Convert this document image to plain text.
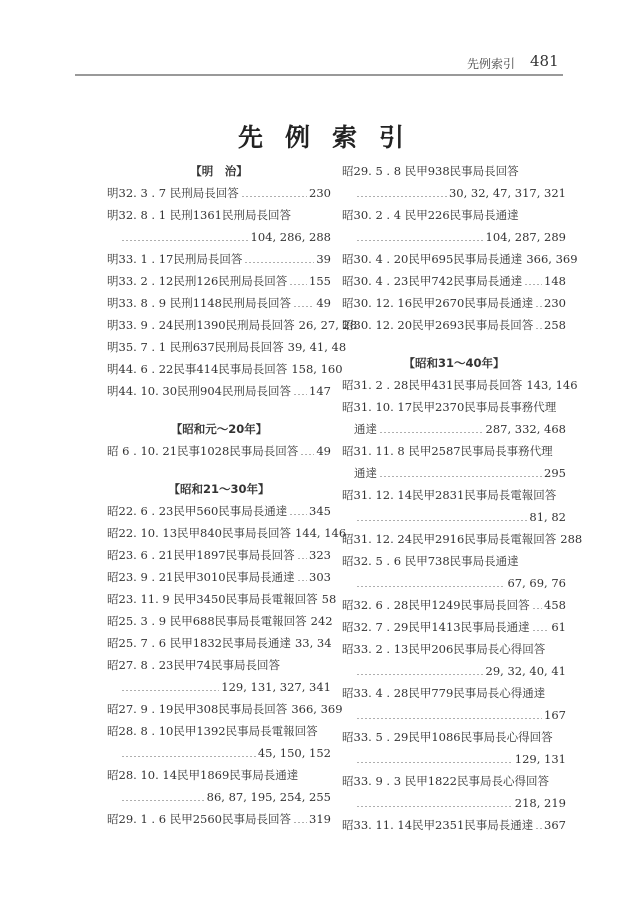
先例索引 481
先例索引
【明　治】
明32. 3 . 7 民刑局長回答	230
明32. 8 . 1 民刑1361民刑局長回答
104, 286, 288
明33. 1 . 17民刑局長回答	39
明33. 2 . 12民刑126民刑局長回答 155
明33. 8 . 9 民刑1148民刑局長回答 49
明33. 9 . 24民刑1390民刑局長回答 26, 27, 28
明35. 7 . 1 民刑637民刑局長回答 39, 41, 48
明44. 6 . 22民事414民事局長回答 158, 160
明44. 10. 30民刑904民刑局長回答 147
【昭和元～20年】
昭 6 . 10. 21民事1028民事局長回答 49
【昭和21～30年】
昭22. 6 . 23民甲560民事局長通達 345
昭22. 10. 13民甲840民事局長回答 144, 146
昭23. 6 . 21民甲1897民事局長回答 323
昭23. 9 . 21民甲3010民事局長通達 303
昭23. 11. 9 民甲3450民事局長電報回答 58
昭25. 3 . 9 民甲688民事局長電報回答 242
昭25. 7 . 6 民甲1832民事局長通達 33, 34
昭27. 8 . 23民甲74民事局長回答
129, 131, 327, 341
昭27. 9 . 19民甲308民事局長回答 366, 369
昭28. 8 . 10民甲1392民事局長電報回答
45, 150, 152
昭28. 10. 14民甲1869民事局長通達
86, 87, 195, 254, 255
昭29. 1 . 6 民甲2560民事局長回答 319
昭29. 5 . 8 民甲938民事局長回答
30, 32, 47, 317, 321
昭30. 2 . 4 民甲226民事局長通達
104, 287, 289
昭30. 4 . 20民甲695民事局長通達 366, 369
昭30. 4 . 23民甲742民事局長通達 148
昭30. 12. 16民甲2670民事局長通達 230
昭30. 12. 20民甲2693民事局長回答 258
【昭和31～40年】
昭31. 2 . 28民甲431民事局長回答 143, 146
昭31. 10. 17民甲2370民事局長事務代理
通達	287, 332, 468
昭31. 11. 8 民甲2587民事局長事務代理
通達	295
昭31. 12. 14民甲2831民事局長電報回答
81, 82
昭31. 12. 24民甲2916民事局長電報回答 288
昭32. 5 . 6 民甲738民事局長通達
67, 69, 76
昭32. 6 . 28民甲1249民事局長回答 458
昭32. 7 . 29民甲1413民事局長通達 61
昭33. 2 . 13民甲206民事局長心得回答
29, 32, 40, 41
昭33. 4 . 28民甲779民事局長心得通達
167
昭33. 5 . 29民甲1086民事局長心得回答
129, 131
昭33. 9 . 3 民甲1822民事局長心得回答
218, 219
昭33. 11. 14民甲2351民事局長通達 367
